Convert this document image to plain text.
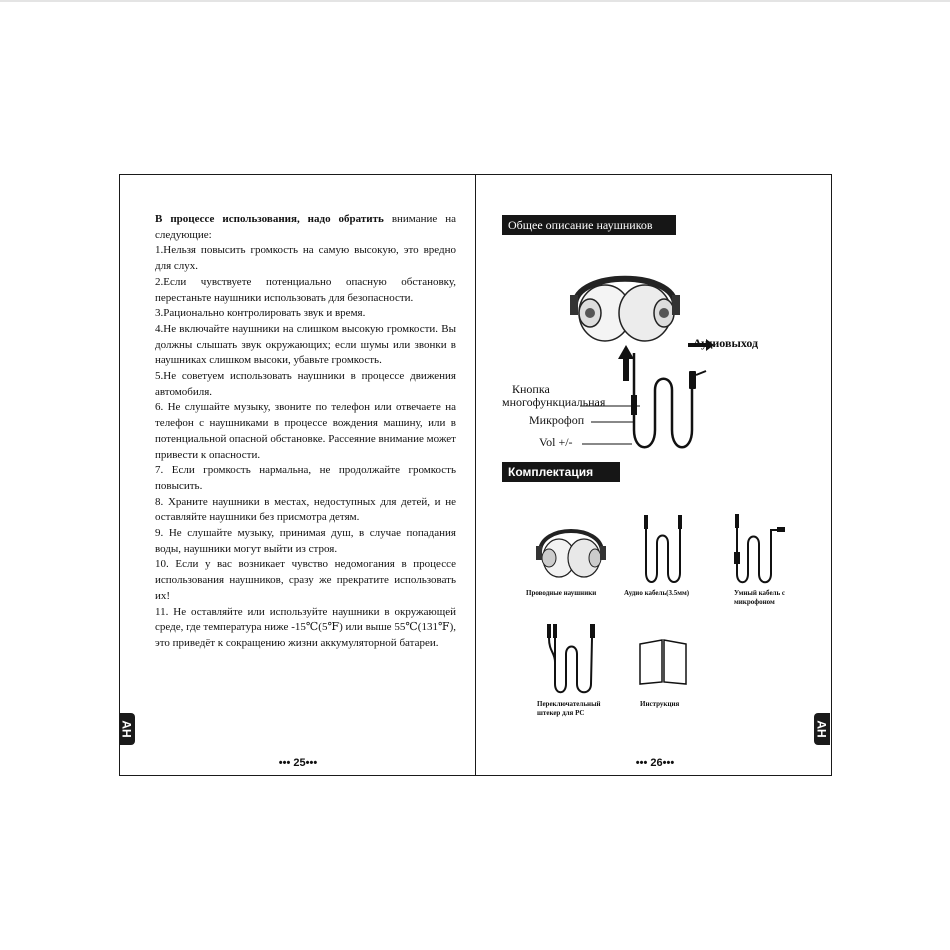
В процессе использования, надо обратить внимание на следующие:

1.Нельзя повысить громкость на самую высокую, это вредно для слух.

2.Если чувствуете потенциально опасную обстановку, перестаньте наушники использовать для безопасности.

3.Рационально контролировать звук и время.

4.Не включайте наушники на слишком высокую громкости. Вы должны слышать звук окружающих; если шумы или звонки в наушниках слишком высоки, убавьте громкость.

5.Не советуем использовать наушники в процессе движения автомобиля.

6. Не слушайте музыку, звоните по телефон или отвечаете на телефон с наушниками в процессе вождения машину, или в потенциальной опасной обстановке. Рассеяние внимание может привести к опасности.

7. Если громкость нармальна, не продолжайте громкость повысить.

8. Храните наушники в местах, недоступных для детей, и не оставляйте наушники без присмотра детям.

9. Не слушайте музыку, принимая душ, в случае попадания воды, наушники могут выйти из строя.

10. Если у вас возникает чувство недомогания в процессе использования наушников, сразу же прекратите использовать их!

11. Не оставляйте или используйте наушники в окружающей среде, где температура ниже -15℃(5℉) или выше 55℃(131℉), это приведёт к сокращению жизни аккумуляторной батареи.

AH
••• 25•••
Общее описание наушников
Аудиовыход
Кнопка
многофункциальная
Микрофоп
Vol +/-
Комплектация
Проводные наушники	Аудио кабель(3.5мм)	Умный кабель с микрофоном
Переключательный штекер для PC
Инструкция
AH
••• 26•••
